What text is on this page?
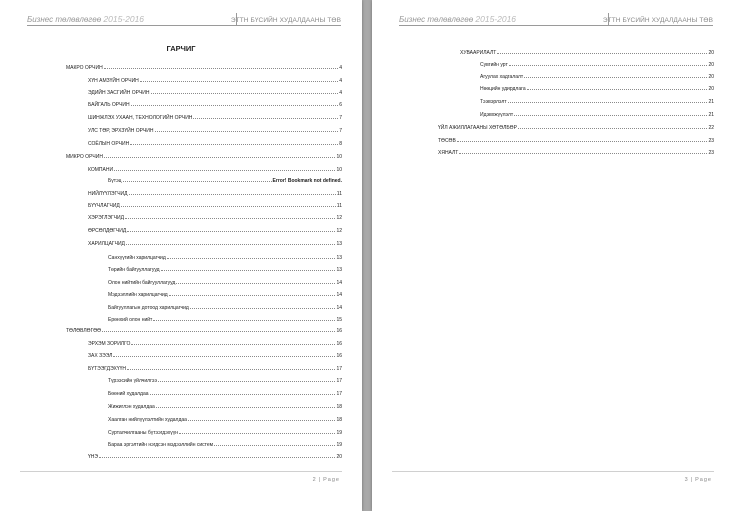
Бизнес төлөвлөгөө 2015-2016	ЭТТН БҮСИЙН ХУДАЛДААНЫ ТӨВ
ГАРЧИГ
МАКРО ОРЧИН	4
ХҮН АМЗҮЙН ОРЧИН	4
ЭДИЙН ЗАСГИЙН ОРЧИН	4
БАЙГАЛЬ ОРЧИН	6
ШИНЖЛЭХ УХААН, ТЕХНОЛОГИЙН ОРЧИН	7
УЛС ТӨР, ЭРХЗҮЙН ОРЧИН	7
СОЁЛЫН ОРЧИН	8
МИКРО ОРЧИН	10
КОМПАНИ	10
Бүтэц	Error! Bookmark not defined.
НИЙЛҮҮЛЭГЧИД	11
БҮҮЧЛАГЧИД	11
ХЭРЭГЛЭГЧИД	12
ӨРСӨЛДӨГЧИД	12
ХАРИЛЦАГЧИД	13
Санхүүгийн харилцагчид	13
Төрийн байгууллагууд	13
Олон нийтийн байгууллагууд	14
Мэдээллийн харилцагчид	14
Байгууллагын дотоод харилцагчид	14
Ерөнхий олон нийт	15
ТӨЛӨВЛӨГӨӨ	16
ЭРХЭМ ЗОРИЛГО	16
ЗАХ ЗЭЭЛ	16
БҮТЭЭГДЭХҮҮН	17
Түрээсийн үйлчилгээ	17
Бөөний худалдаа	17
Жижиглэн худалдаа	18
Хаалган нийлүүлэлтийн худалдаа	18
Сурталчилгааны бүтээгдэхүүн	19
Бараа эргэлтийн нэгдсэн мэдээллийн систем	19
ҮНЭ	20
2 | Page
Бизнес төлөвлөгөө 2015-2016	ЭТТН БҮСИЙН ХУДАЛДААНЫ ТӨВ
ХУВААРИЛАЛТ	20
Сувгийн урт	20
Агуулах хадгалалт	20
Нөөцийн удирдлага	20
Тээвэрлэлт	21
Идэвхжүүлэлт	21
ҮЙЛ АЖИЛЛАГААНЫ ХӨТӨЛБӨР	22
ТӨСӨВ	23
ХЯНАЛТ	23
3 | Page
